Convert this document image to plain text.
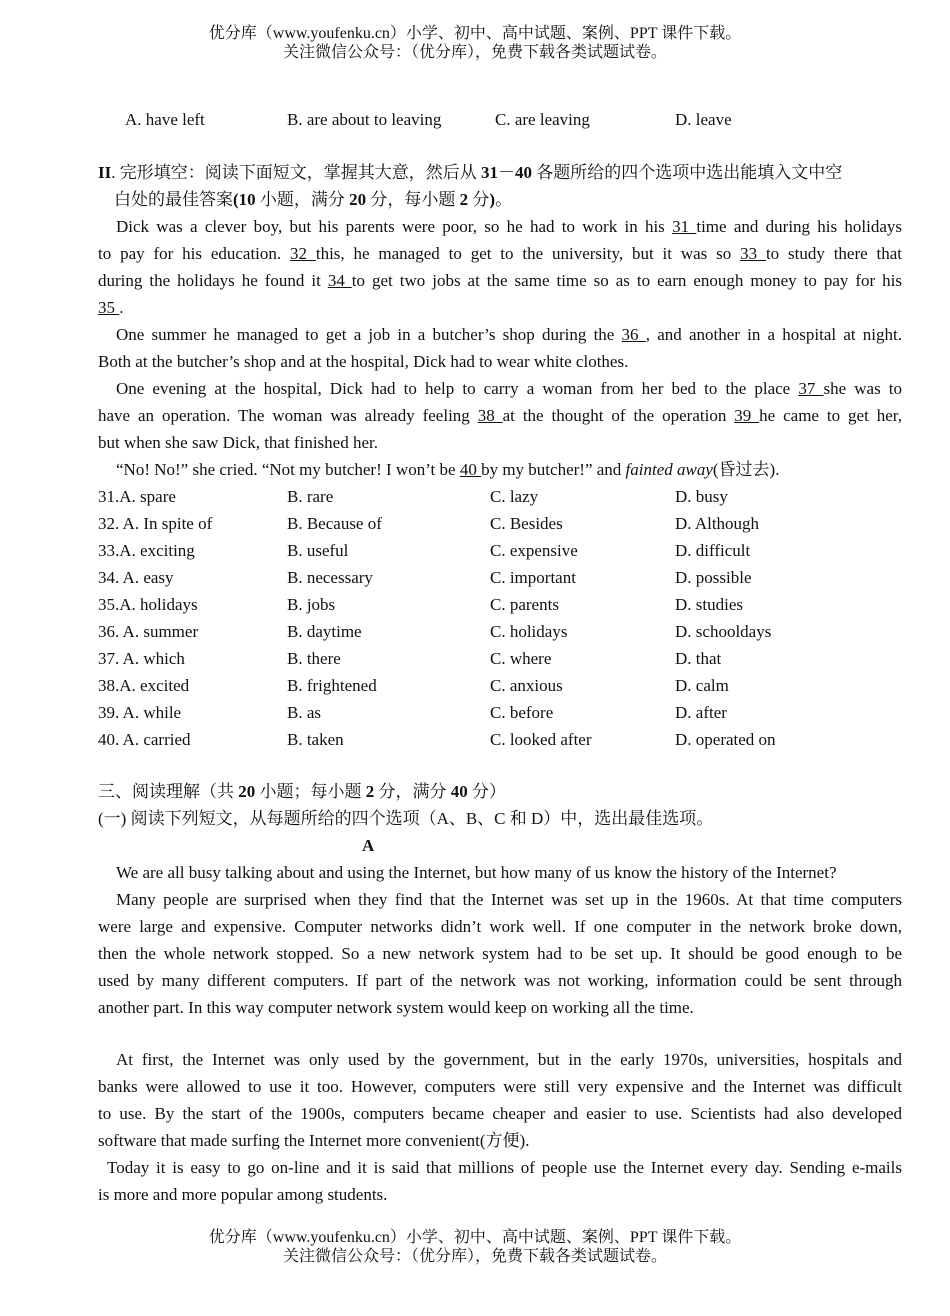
优分库（www.youfenku.cn）小学、初中、高中试题、案例、PPT 课件下载。
关注微信公众号：（优分库），免费下载各类试题试卷。
A. have left	B. are about to leaving	C. are leaving	D. leave
II. 完形填空：阅读下面短文，掌握其大意，然后从 31－40 各题所给的四个选项中选出能填入文中空
白处的最佳答案(10 小题，满分 20 分，每小题 2 分)。
Dick was a clever boy, but his parents were poor, so he had to work in his 31 time and during his holidays
to pay for his education. 32 this, he managed to get to the university, but it was so 33 to study there that
during the holidays he found it 34 to get two jobs at the same time so as to earn enough money to pay for his
35 .
One summer he managed to get a job in a butcher’s shop during the 36 , and another in a hospital at night.
Both at the butcher’s shop and at the hospital, Dick had to wear white clothes.
One evening at the hospital, Dick had to help to carry a woman from her bed to the place 37 she was to
have an operation. The woman was already feeling 38 at the thought of the operation 39 he came to get her,
but when she saw Dick, that finished her.
“No! No!” she cried. “Not my butcher! I won’t be 40 by my butcher!” and fainted away(昏过去).
31.A. spare	B. rare	C. lazy	D. busy
32. A. In spite of	B. Because of	C. Besides	D. Although
33.A. exciting	B. useful	C. expensive	D. difficult
34. A. easy	B. necessary	C. important	D. possible
35.A. holidays	B. jobs	C. parents	D. studies
36. A. summer	B. daytime	C. holidays	D. schooldays
37. A. which	B. there	C. where	D. that
38.A. excited	B. frightened	C. anxious	D. calm
39. A. while	B. as	C. before	D. after
40. A. carried	B. taken	C. looked after	D. operated on
三、阅读理解（共 20 小题；每小题 2 分，满分 40 分）
(一) 阅读下列短文，从每题所给的四个选项（A、B、C 和 D）中，选出最佳选项。
A
We are all busy talking about and using the Internet, but how many of us know the history of the Internet?
Many people are surprised when they find that the Internet was set up in the 1960s. At that time computers
were large and expensive. Computer networks didn’t work well. If one computer in the network broke down,
then the whole network stopped. So a new network system had to be set up. It should be good enough to be
used by many different computers. If part of the network was not working, information could be sent through
another part. In this way computer network system would keep on working all the time.
At first, the Internet was only used by the government, but in the early 1970s, universities, hospitals and
banks were allowed to use it too. However, computers were still very expensive and the Internet was difficult
to use. By the start of the 1900s, computers became cheaper and easier to use. Scientists had also developed
software that made surfing the Internet more convenient(方便).
Today it is easy to go on-line and it is said that millions of people use the Internet every day. Sending e-mails
is more and more popular among students.
优分库（www.youfenku.cn）小学、初中、高中试题、案例、PPT 课件下载。
关注微信公众号：（优分库），免费下载各类试题试卷。
